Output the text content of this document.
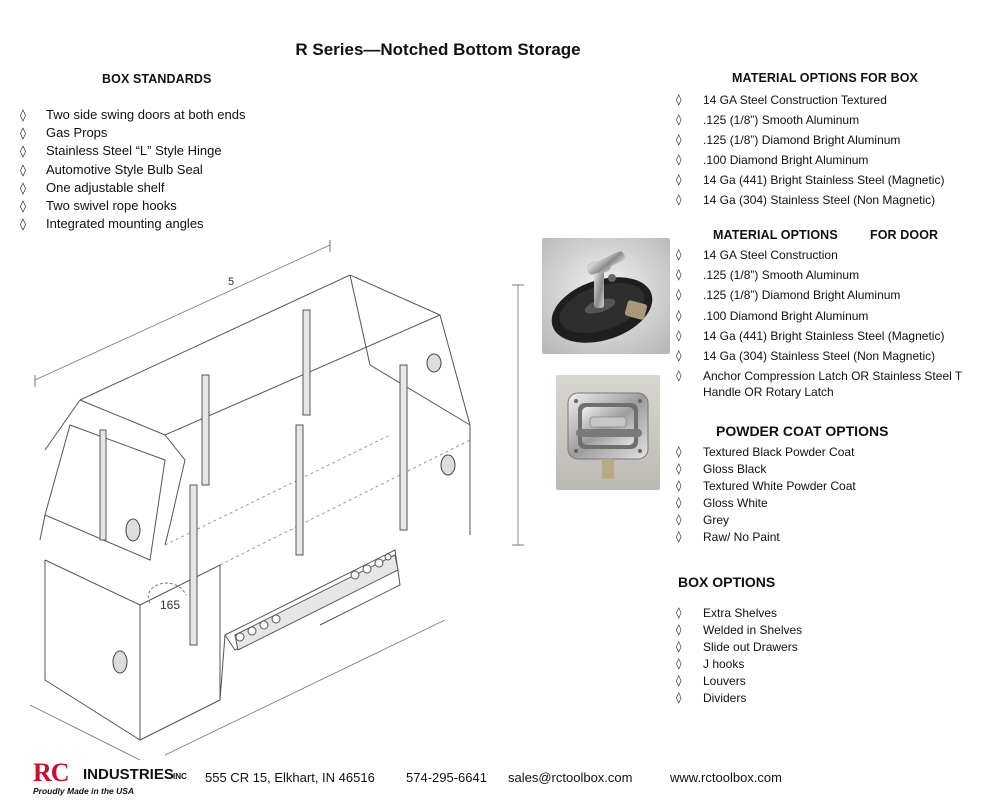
R Series—Notched Bottom Storage
BOX STANDARDS
◊ Two side swing doors at both ends
◊ Gas Props
◊ Stainless Steel “L” Style Hinge
◊ Automotive Style Bulb Seal
◊ One adjustable shelf
◊ Two swivel rope hooks
◊ Integrated mounting angles
MATERIAL OPTIONS FOR BOX
◊ 14 GA Steel Construction Textured
◊ .125 (1/8”) Smooth Aluminum
◊ .125 (1/8”) Diamond Bright Aluminum
◊ .100 Diamond Bright Aluminum
◊ 14 Ga (441) Bright Stainless Steel (Magnetic)
◊ 14 Ga (304) Stainless Steel (Non Magnetic)
MATERIAL OPTIONS	FOR DOOR
◊ 14 GA Steel Construction
◊ .125 (1/8”) Smooth Aluminum
◊ .125 (1/8”) Diamond Bright Aluminum
◊ .100 Diamond Bright Aluminum
◊ 14 Ga (441) Bright Stainless Steel (Magnetic)
◊ 14 Ga (304) Stainless Steel (Non Magnetic)
◊ Anchor Compression Latch OR Stainless Steel T Handle OR Rotary Latch
POWDER COAT OPTIONS
◊ Textured Black Powder Coat
◊ Gloss Black
◊ Textured White Powder Coat
◊ Gloss White
◊ Grey
◊ Raw/ No Paint
BOX OPTIONS
◊ Extra Shelves
◊ Welded in Shelves
◊ Slide out Drawers
◊ J hooks
◊ Louvers
◊ Dividers
165
5
RC INDUSTRIES INC
Proudly Made in the USA
555 CR 15, Elkhart, IN 46516 574-295-6641 sales@rctoolbox.com	www.rctoolbox.com
